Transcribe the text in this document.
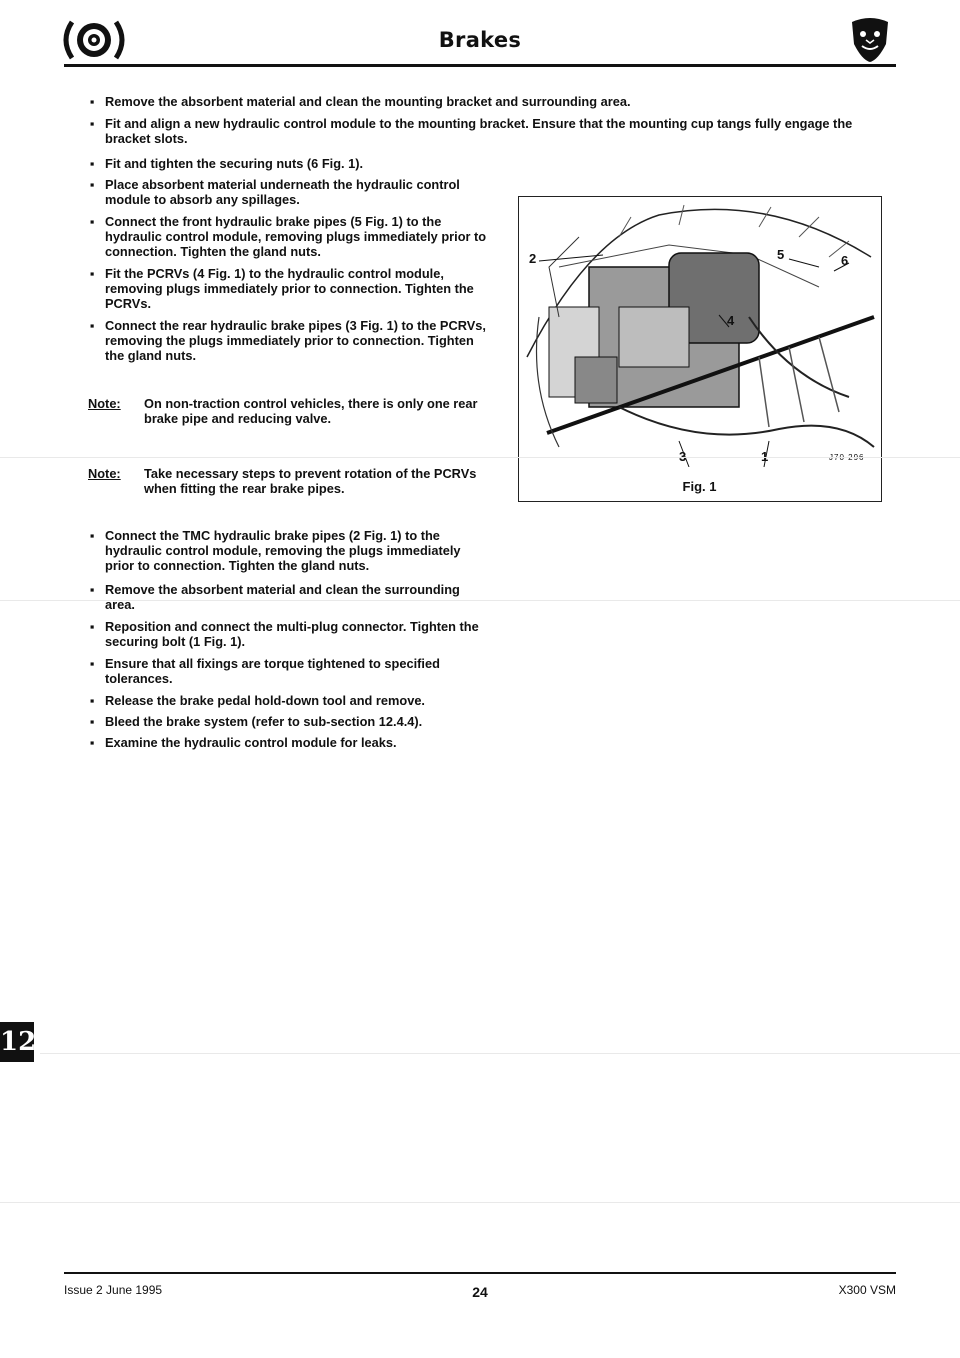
Brakes
▪ Remove the absorbent material and clean the mounting bracket and surrounding area.
▪ Fit and align a new hydraulic control module to the mounting bracket. Ensure that the mounting cup tangs fully engage the bracket slots.
▪ Fit and tighten the securing nuts (6 Fig. 1).
▪ Place absorbent material underneath the hydraulic control module to absorb any spillages.
▪ Connect the front hydraulic brake pipes (5 Fig. 1) to the hydraulic control module, removing plugs immediately prior to connection. Tighten the gland nuts.
▪ Fit the PCRVs (4 Fig. 1) to the hydraulic control module, removing plugs immediately prior to connection. Tighten the PCRVs.
▪ Connect the rear hydraulic brake pipes (3 Fig. 1) to the PCRVs, removing the plugs immediately prior to connection. Tighten the gland nuts.
Note: On non-traction control vehicles, there is only one rear brake pipe and reducing valve.
Note: Take necessary steps to prevent rotation of the PCRVs when fitting the rear brake pipes.
2	5	6
4
Fig. 1
▪ Connect the TMC hydraulic brake pipes (2 Fig. 1) to the hydraulic control module, removing the plugs immediately prior to connection. Tighten the gland nuts.
▪ Remove the absorbent material and clean the surrounding area.
▪ Reposition and connect the multi-plug connector. Tighten the securing bolt (1 Fig. 1).
▪ Ensure that all fixings are torque tightened to specified tolerances.
▪ Release the brake pedal hold-down tool and remove.
▪ Bleed the brake system (refer to sub-section 12.4.4).
▪ Examine the hydraulic control module for leaks.
12
Issue 2 June 1995	24	X300 VSM
